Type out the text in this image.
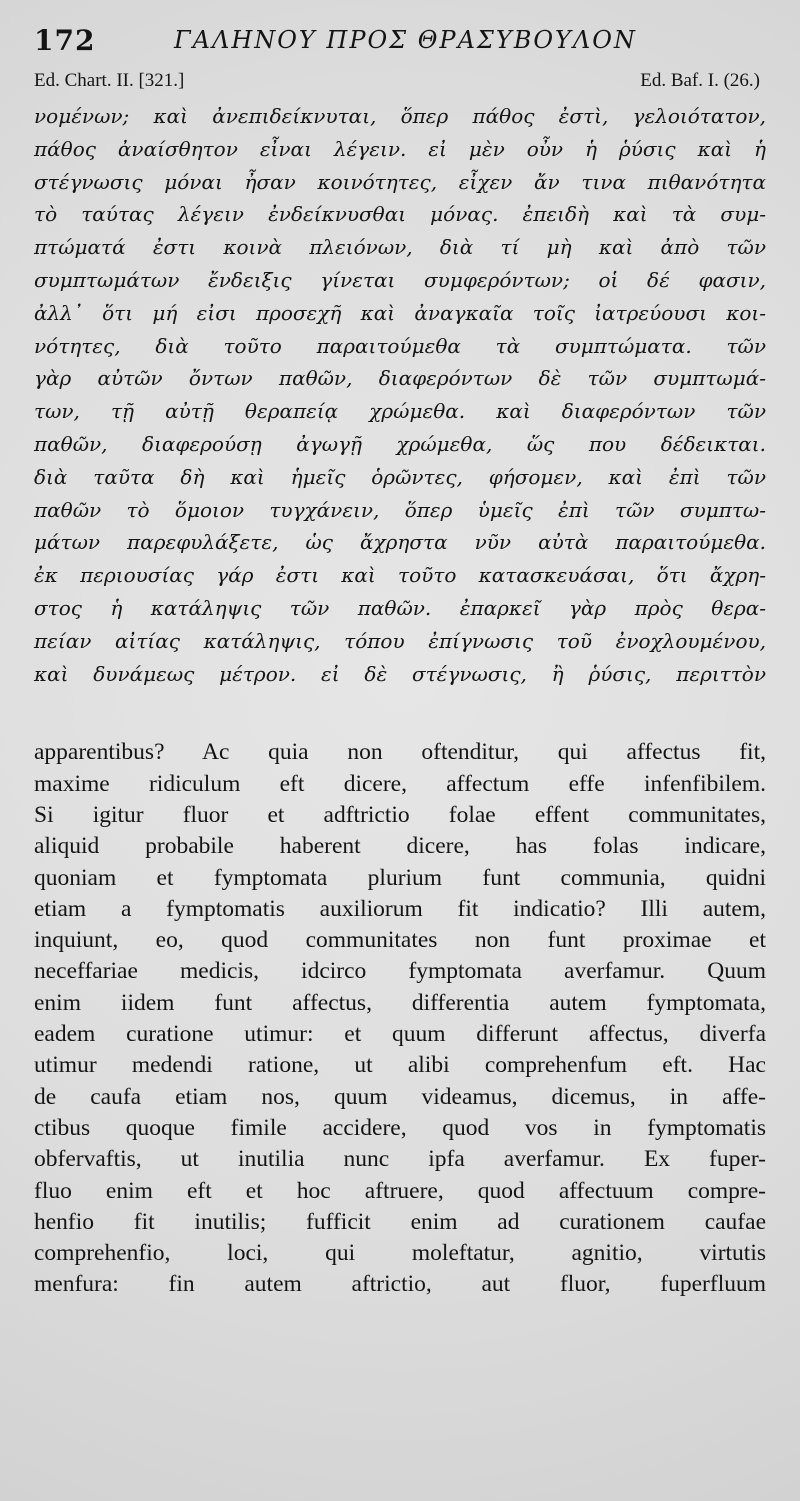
172	ΓΑΛΗΝΟΥ ΠΡΟΣ ΘΡΑΣΥΒΟΥΛΟΝ
Ed. Chart. II. [321.]	Ed. Baf. I. (26.)
νομένων; καὶ ἀνεπιδείκνυται, ὅπερ πάθος ἐστὶ, γελοιότατον,
πάθος ἀναίσθητον εἶναι λέγειν. εἰ μὲν οὖν ἡ ῥύσις καὶ ἡ
στέγνωσις μόναι ἦσαν κοινότητες, εἶχεν ἄν τινα πιθανότητα
τὸ ταύτας λέγειν ἐνδείκνυσθαι μόνας. ἐπειδὴ καὶ τὰ συμ-
πτώματά ἐστι κοινὰ πλειόνων, διὰ τί μὴ καὶ ἀπὸ τῶν
συμπτωμάτων ἔνδειξις γίνεται συμφερόντων; οἱ δέ φασιν,
ἀλλ᾽ ὅτι μή εἰσι προσεχῆ καὶ ἀναγκαῖα τοῖς ἰατρεύουσι κοι-
νότητες, διὰ τοῦτο παραιτούμεθα τὰ συμπτώματα. τῶν
γὰρ αὐτῶν ὄντων παθῶν, διαφερόντων δὲ τῶν συμπτωμά-
των, τῇ αὐτῇ θεραπείᾳ χρώμεθα. καὶ διαφερόντων τῶν
παθῶν, διαφερούσῃ ἀγωγῇ χρώμεθα, ὥς που δέδεικται.
διὰ ταῦτα δὴ καὶ ἡμεῖς ὁρῶντες, φήσομεν, καὶ ἐπὶ τῶν
παθῶν τὸ ὅμοιον τυγχάνειν, ὅπερ ὑμεῖς ἐπὶ τῶν συμπτω-
μάτων παρεφυλάξετε, ὡς ἄχρηστα νῦν αὐτὰ παραιτούμεθα.
ἐκ περιουσίας γάρ ἐστι καὶ τοῦτο κατασκευάσαι, ὅτι ἄχρη-
στος ἡ κατάληψις τῶν παθῶν. ἐπαρκεῖ γὰρ πρὸς θερα-
πείαν αἰτίας κατάληψις, τόπου ἐπίγνωσις τοῦ ἐνοχλουμένου,
καὶ δυνάμεως μέτρον. εἰ δὲ στέγνωσις, ἢ ῥύσις, περιττὸν
apparentibus? Ac quia non oftenditur, qui affectus fit,
maxime ridiculum eft dicere, affectum effe infenfibilem.
Si igitur fluor et adftrictio folae effent communitates,
aliquid probabile haberent dicere, has folas indicare,
quoniam et fymptomata plurium funt communia, quidni
etiam a fymptomatis auxiliorum fit indicatio? Illi autem,
inquiunt, eo, quod communitates non funt proximae et
neceffariae medicis, idcirco fymptomata averfamur. Quum
enim iidem funt affectus, differentia autem fymptomata,
eadem curatione utimur: et quum differunt affectus, diverfa
utimur medendi ratione, ut alibi comprehenfum eft. Hac
de caufa etiam nos, quum videamus, dicemus, in affe-
ctibus quoque fimile accidere, quod vos in fymptomatis
obfervaftis, ut inutilia nunc ipfa averfamur. Ex fuper-
fluo enim eft et hoc aftruere, quod affectuum compre-
henfio fit inutilis; fufficit enim ad curationem caufae
comprehenfio, loci, qui moleftatur, agnitio, virtutis
menfura: fin autem aftrictio, aut fluor, fuperfluum
